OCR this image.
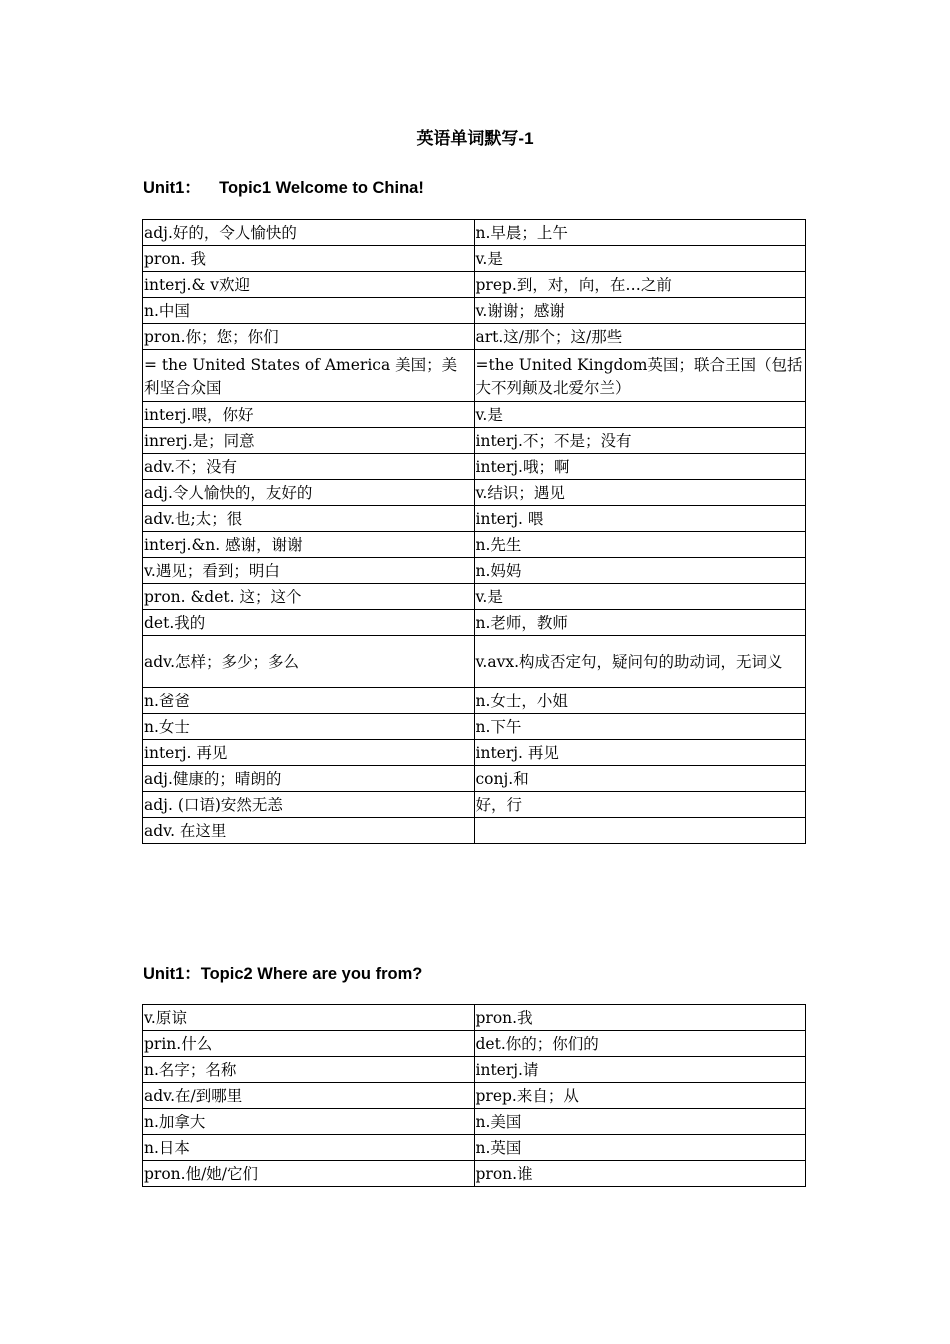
英语单词默写-1
Unit1：    Topic1 Welcome to China!
adj.好的，令人愉快的	n.早晨；上午
pron. 我	v.是
interj.& v欢迎	prep.到，对，向，在…之前
n.中国	v.谢谢；感谢
pron.你；您；你们	art.这/那个；这/那些
= the United States of America 美国；美利坚合众国	=the United Kingdom英国；联合王国（包括大不列颠及北爱尔兰）
interj.喂，你好	v.是
inrerj.是；同意	interj.不；不是；没有
adv.不；没有	interj.哦；啊
adj.令人愉快的，友好的	v.结识；遇见
adv.也;太；很	interj. 喂
interj.&n. 感谢，谢谢	n.先生
v.遇见；看到；明白	n.妈妈
pron. &det. 这；这个	v.是
det.我的	n.老师，教师
adv.怎样；多少；多么	v.avx.构成否定句，疑问句的助动词，无词义
n.爸爸	n.女士，小姐
n.女士	n.下午
interj. 再见	interj. 再见
adj.健康的；晴朗的	conj.和
adj. (口语)安然无恙	好，行
adv. 在这里	
Unit1：Topic2 Where are you from?
v.原谅	pron.我
prin.什么	det.你的；你们的
n.名字；名称	interj.请
adv.在/到哪里	prep.来自；从
n.加拿大	n.美国
n.日本	n.英国
pron.他/她/它们	pron.谁
